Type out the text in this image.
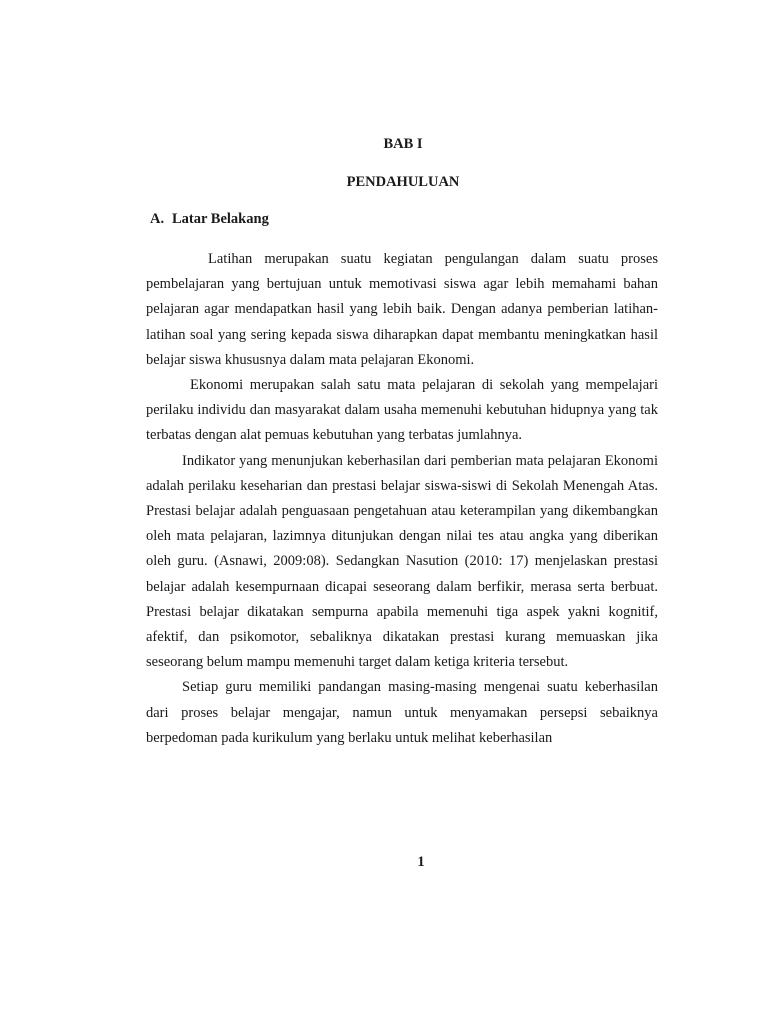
BAB I
PENDAHULUAN
A. Latar Belakang

Latihan merupakan suatu kegiatan pengulangan dalam suatu proses pembelajaran yang bertujuan untuk memotivasi siswa agar lebih memahami bahan pelajaran agar mendapatkan hasil yang lebih baik. Dengan adanya pemberian latihan-latihan soal yang sering kepada siswa diharapkan dapat membantu meningkatkan hasil belajar siswa khususnya dalam mata pelajaran Ekonomi.

Ekonomi merupakan salah satu mata pelajaran di sekolah yang mempelajari perilaku individu dan masyarakat dalam usaha memenuhi kebutuhan hidupnya yang tak terbatas dengan alat pemuas kebutuhan yang terbatas jumlahnya.

Indikator yang menunjukan keberhasilan dari pemberian mata pelajaran Ekonomi adalah perilaku keseharian dan prestasi belajar siswa-siswi di Sekolah Menengah Atas. Prestasi belajar adalah penguasaan pengetahuan atau keterampilan yang dikembangkan oleh mata pelajaran, lazimnya ditunjukan dengan nilai tes atau angka yang diberikan oleh guru. (Asnawi, 2009:08). Sedangkan Nasution (2010: 17) menjelaskan prestasi belajar adalah kesempurnaan dicapai seseorang dalam berfikir, merasa serta berbuat. Prestasi belajar dikatakan sempurna apabila memenuhi tiga aspek yakni kognitif, afektif, dan psikomotor, sebaliknya dikatakan prestasi kurang memuaskan jika seseorang belum mampu memenuhi target dalam ketiga kriteria tersebut.

Setiap guru memiliki pandangan masing-masing mengenai suatu keberhasilan dari proses belajar mengajar, namun untuk menyamakan persepsi sebaiknya berpedoman pada kurikulum yang berlaku untuk melihat keberhasilan

1
